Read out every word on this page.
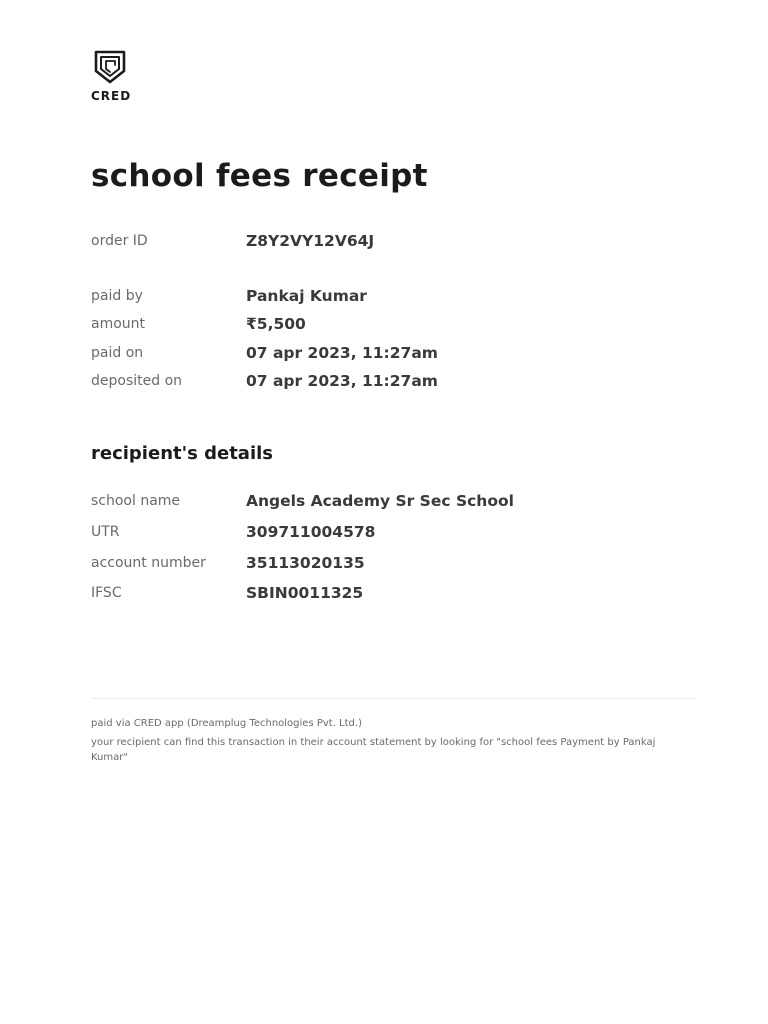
CRED
school fees receipt
order ID	Z8Y2VY12V64J
paid by	Pankaj Kumar
amount	₹5,500
paid on	07 apr 2023, 11:27am
deposited on	07 apr 2023, 11:27am
recipient's details
school name	Angels Academy Sr Sec School
UTR	309711004578
account number	35113020135
IFSC	SBIN0011325
paid via CRED app (Dreamplug Technologies Pvt. Ltd.)
your recipient can find this transaction in their account statement by looking for "school fees Payment by Pankaj Kumar"
